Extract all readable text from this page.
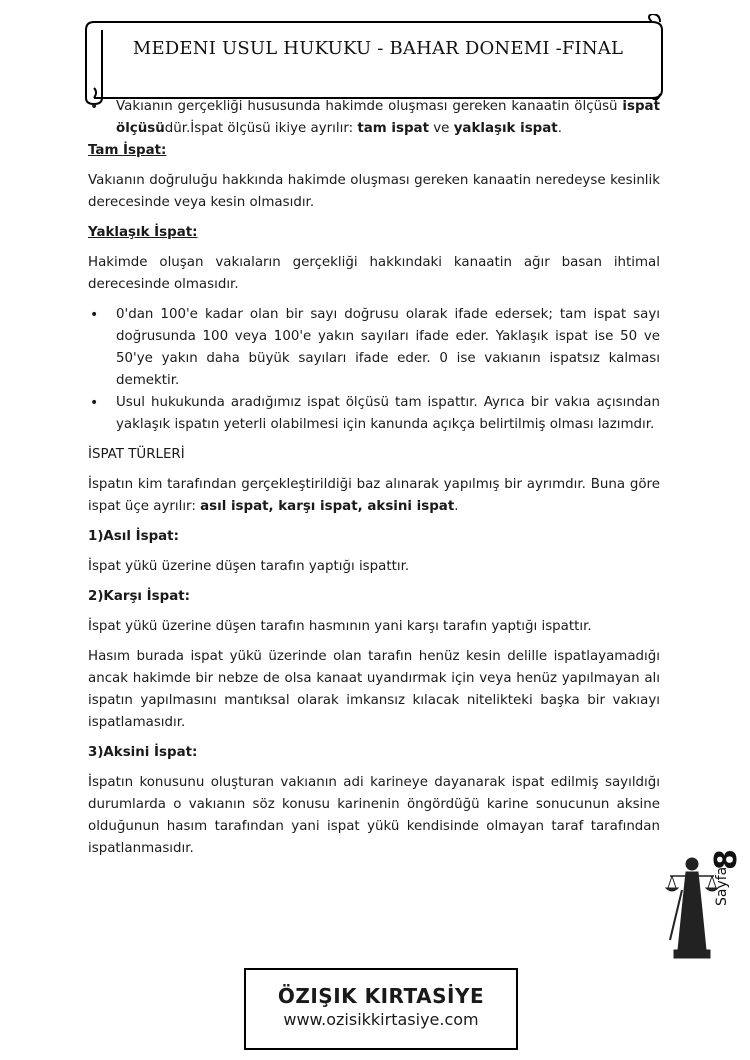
MEDENI USUL HUKUKU - BAHAR DONEMI -FINAL
• Vakıanın gerçekliği hususunda hakimde oluşması gereken kanaatin ölçüsü ispat ölçüsüdür.İspat ölçüsü ikiye ayrılır: tam ispat ve yaklaşık ispat.

Tam İspat:

Vakıanın doğruluğu hakkında hakimde oluşması gereken kanaatin neredeyse kesinlik derecesinde veya kesin olmasıdır.

Yaklaşık İspat:

Hakimde oluşan vakıaların gerçekliği hakkındaki kanaatin ağır basan ihtimal derecesinde olmasıdır.

• 0'dan 100'e kadar olan bir sayı doğrusu olarak ifade edersek; tam ispat sayı doğrusunda 100 veya 100'e yakın sayıları ifade eder. Yaklaşık ispat ise 50 ve 50'ye yakın daha büyük sayıları ifade eder. 0 ise vakıanın ispatsız kalması demektir.
• Usul hukukunda aradığımız ispat ölçüsü tam ispattır. Ayrıca bir vakıa açısından yaklaşık ispatın yeterli olabilmesi için kanunda açıkça belirtilmiş olması lazımdır.

İSPAT TÜRLERİ

İspatın kim tarafından gerçekleştirildiği baz alınarak yapılmış bir ayrımdır. Buna göre ispat üçe ayrılır: asıl ispat, karşı ispat, aksini ispat.

1)Asıl İspat:

İspat yükü üzerine düşen tarafın yaptığı ispattır.

2)Karşı İspat:

İspat yükü üzerine düşen tarafın hasmının yani karşı tarafın yaptığı ispattır.

Hasım burada ispat yükü üzerinde olan tarafın henüz kesin delille ispatlayamadığı ancak hakimde bir nebze de olsa kanaat uyandırmak için veya henüz yapılmayan alı ispatın yapılmasını mantıksal olarak imkansız kılacak nitelikteki başka bir vakıayı ispatlamasıdır.

3)Aksini İspat:

İspatın konusunu oluşturan vakıanın adi karineye dayanarak ispat edilmiş sayıldığı durumlarda o vakıanın söz konusu karinenin öngördüğü karine sonucunun aksine olduğunun hasım tarafından yani ispat yükü kendisinde olmayan taraf tarafından ispatlanmasıdır.

8
Sayfa
ÖZIŞIK KIRTASİYE
www.ozisikkirtasiye.com
